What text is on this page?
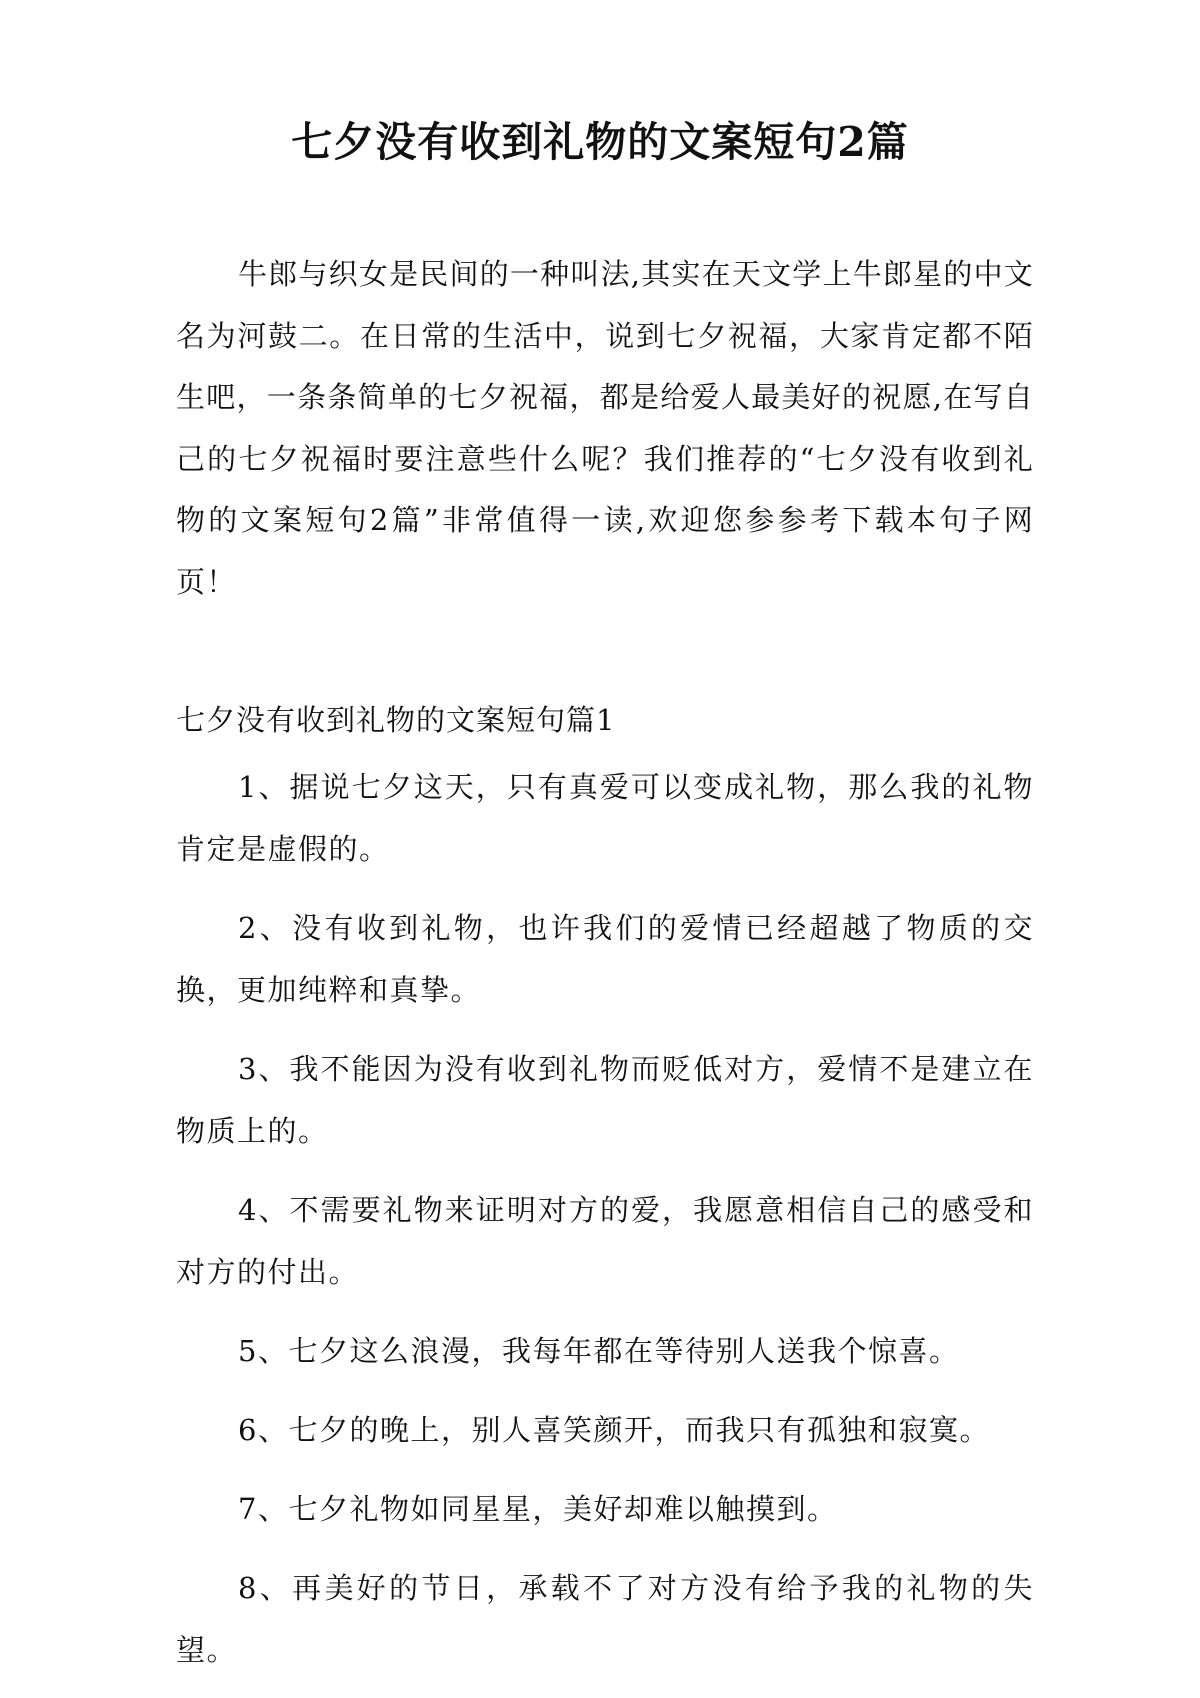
七夕没有收到礼物的文案短句2篇

牛郎与织女是民间的一种叫法,其实在天文学上牛郎星的中文名为河鼓二。在日常的生活中，说到七夕祝福，大家肯定都不陌生吧，一条条简单的七夕祝福，都是给爱人最美好的祝愿,在写自己的七夕祝福时要注意些什么呢？我们推荐的“七夕没有收到礼物的文案短句2篇”非常值得一读,欢迎您参参考下载本句子网页！

七夕没有收到礼物的文案短句篇1
1、据说七夕这天，只有真爱可以变成礼物，那么我的礼物肯定是虚假的。
2、没有收到礼物，也许我们的爱情已经超越了物质的交换，更加纯粹和真挚。
3、我不能因为没有收到礼物而贬低对方，爱情不是建立在物质上的。
4、不需要礼物来证明对方的爱，我愿意相信自己的感受和对方的付出。
5、七夕这么浪漫，我每年都在等待别人送我个惊喜。
6、七夕的晚上，别人喜笑颜开，而我只有孤独和寂寞。
7、七夕礼物如同星星，美好却难以触摸到。
8、再美好的节日，承载不了对方没有给予我的礼物的失望。
